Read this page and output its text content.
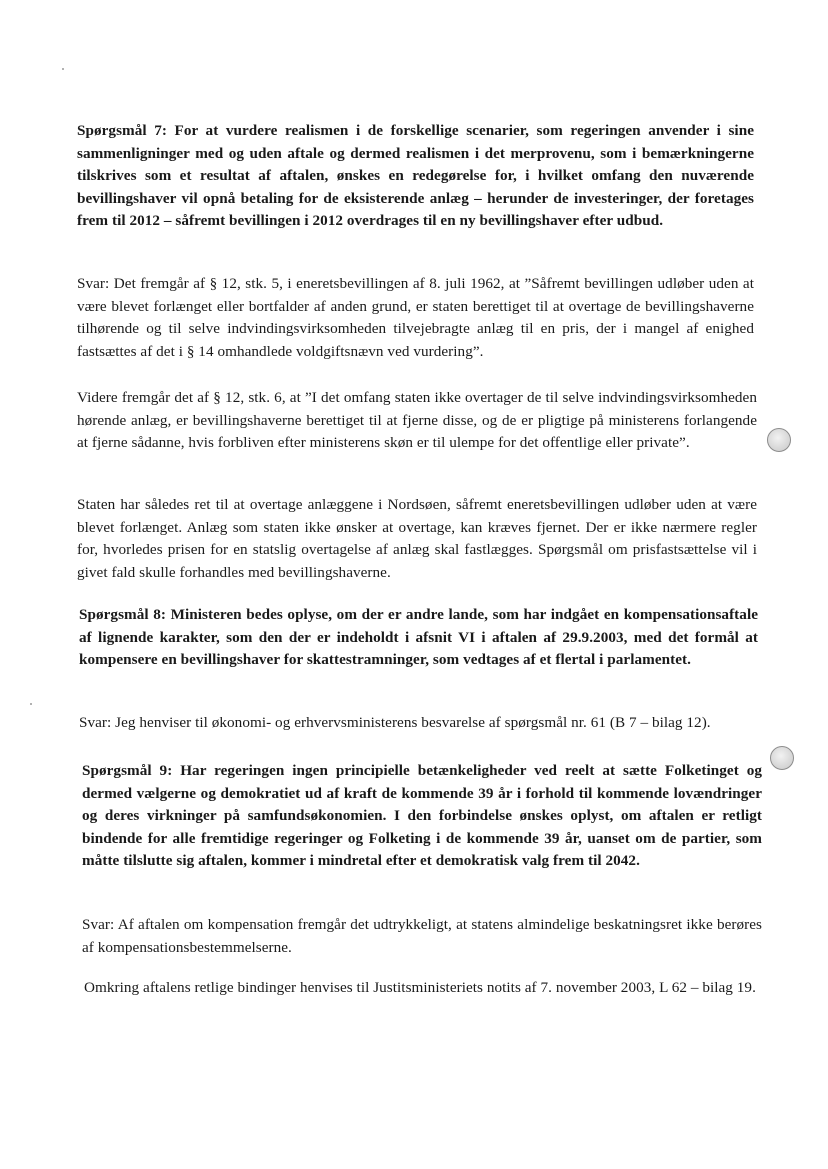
Spørgsmål 7: For at vurdere realismen i de forskellige scenarier, som regeringen anvender i sine sammenligninger med og uden aftale og dermed realismen i det merprovenu, som i bemærkningerne tilskrives som et resultat af aftalen, ønskes en redegørelse for, i hvilket omfang den nuværende bevillingshaver vil opnå betaling for de eksisterende anlæg – herunder de investeringer, der foretages frem til 2012 – såfremt bevillingen i 2012 overdrages til en ny bevillingshaver efter udbud.

Svar: Det fremgår af § 12, stk. 5, i eneretsbevillingen af 8. juli 1962, at ”Såfremt bevillingen udløber uden at være blevet forlænget eller bortfalder af anden grund, er staten berettiget til at overtage de bevillingshaverne tilhørende og til selve indvindingsvirksomheden tilvejebragte anlæg til en pris, der i mangel af enighed fastsættes af det i § 14 omhandlede voldgiftsnævn ved vurdering”.

Videre fremgår det af § 12, stk. 6, at ”I det omfang staten ikke overtager de til selve indvindingsvirksomheden hørende anlæg, er bevillingshaverne berettiget til at fjerne disse, og de er pligtige på ministerens forlangende at fjerne sådanne, hvis forbliven efter ministerens skøn er til ulempe for det offentlige eller private”.

Staten har således ret til at overtage anlæggene i Nordsøen, såfremt eneretsbevillingen udløber uden at være blevet forlænget. Anlæg som staten ikke ønsker at overtage, kan kræves fjernet. Der er ikke nærmere regler for, hvorledes prisen for en statslig overtagelse af anlæg skal fastlægges. Spørgsmål om prisfastsættelse vil i givet fald skulle forhandles med bevillingshaverne.

Spørgsmål 8: Ministeren bedes oplyse, om der er andre lande, som har indgået en kompensationsaftale af lignende karakter, som den der er indeholdt i afsnit VI i aftalen af 29.9.2003, med det formål at kompensere en bevillingshaver for skattestramninger, som vedtages af et flertal i parlamentet.

Svar: Jeg henviser til økonomi- og erhvervsministerens besvarelse af spørgsmål nr. 61 (B 7 – bilag 12).

Spørgsmål 9: Har regeringen ingen principielle betænkeligheder ved reelt at sætte Folketinget og dermed vælgerne og demokratiet ud af kraft de kommende 39 år i forhold til kommende lovændringer og deres virkninger på samfundsøkonomien. I den forbindelse ønskes oplyst, om aftalen er retligt bindende for alle fremtidige regeringer og Folketing i de kommende 39 år, uanset om de partier, som måtte tilslutte sig aftalen, kommer i mindretal efter et demokratisk valg frem til 2042.

Svar: Af aftalen om kompensation fremgår det udtrykkeligt, at statens almindelige beskatningsret ikke berøres af kompensationsbestemmelserne.

Omkring aftalens retlige bindinger henvises til Justitsministeriets notits af 7. november 2003, L 62 – bilag 19.
